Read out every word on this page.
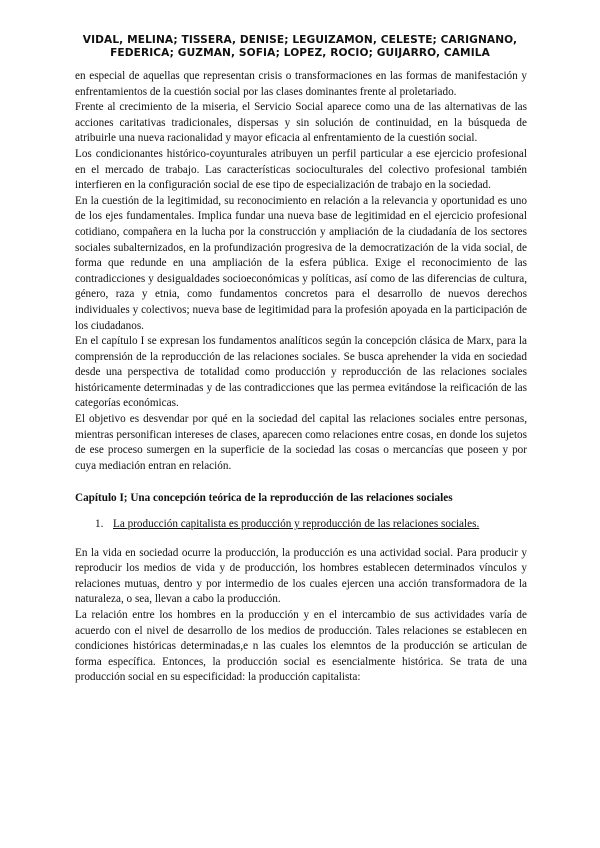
VIDAL, MELINA; TISSERA, DENISE; LEGUIZAMON, CELESTE; CARIGNANO,
FEDERICA; GUZMAN, SOFIA; LOPEZ, ROCIO; GUIJARRO, CAMILA

en especial de aquellas que representan crisis o transformaciones en las formas de manifestación y enfrentamientos de la cuestión social por las clases dominantes frente al proletariado.

Frente al crecimiento de la miseria, el Servicio Social aparece como una de las alternativas de las acciones caritativas tradicionales, dispersas y sin solución de continuidad, en la búsqueda de atribuirle una nueva racionalidad y mayor eficacia al enfrentamiento de la cuestión social.

Los condicionantes histórico-coyunturales atribuyen un perfil particular a ese ejercicio profesional en el mercado de trabajo. Las características socioculturales del colectivo profesional también interfieren en la configuración social de ese tipo de especialización de trabajo en la sociedad.

En la cuestión de la legitimidad, su reconocimiento en relación a la relevancia y oportunidad es uno de los ejes fundamentales. Implica fundar una nueva base de legitimidad en el ejercicio profesional cotidiano, compañera en la lucha por la construcción y ampliación de la ciudadanía de los sectores sociales subalternizados, en la profundización progresiva de la democratización de la vida social, de forma que redunde en una ampliación de la esfera pública. Exige el reconocimiento de las contradicciones y desigualdades socioeconómicas y políticas, así como de las diferencias de cultura, género, raza y etnia, como fundamentos concretos para el desarrollo de nuevos derechos individuales y colectivos; nueva base de legitimidad para la profesión apoyada en la participación de los ciudadanos.

En el capítulo I se expresan los fundamentos analíticos según la concepción clásica de Marx, para la comprensión de la reproducción de las relaciones sociales. Se busca aprehender la vida en sociedad desde una perspectiva de totalidad como producción y reproducción de las relaciones sociales históricamente determinadas y de las contradicciones que las permea evitándose la reificación de las categorías económicas.

El objetivo es desvendar por qué en la sociedad del capital las relaciones sociales entre personas, mientras personifican intereses de clases, aparecen como relaciones entre cosas, en donde los sujetos de ese proceso sumergen en la superficie de la sociedad las cosas o mercancías que poseen y por cuya mediación entran en relación.

Capítulo I; Una concepción teórica de la reproducción de las relaciones sociales

1. La producción capitalista es producción y reproducción de las relaciones sociales.

En la vida en sociedad ocurre la producción, la producción es una actividad social. Para producir y reproducir los medios de vida y de producción, los hombres establecen determinados vínculos y relaciones mutuas, dentro y por intermedio de los cuales ejercen una acción transformadora de la naturaleza, o sea, llevan a cabo la producción.

La relación entre los hombres en la producción y en el intercambio de sus actividades varía de acuerdo con el nivel de desarrollo de los medios de producción. Tales relaciones se establecen en condiciones históricas determinadas,e n las cuales los elemntos de la producción se articulan de forma específica. Entonces, la producción social es esencialmente histórica. Se trata de una producción social en su especificidad: la producción capitalista:
